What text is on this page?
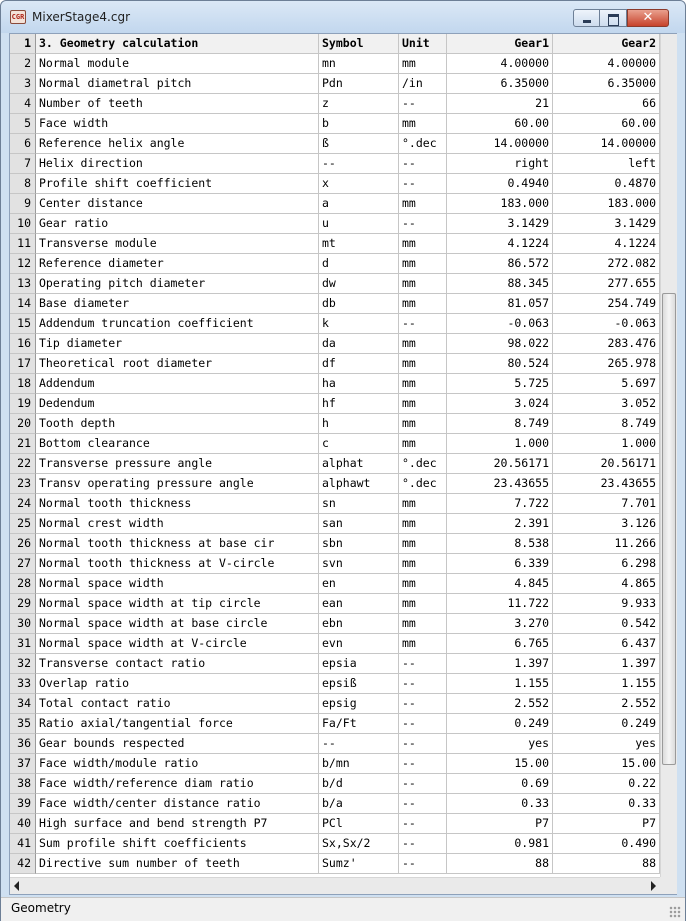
CGR MixerStage4.cgr	✕
1 3. Geometry calculation	Symbol	Unit	Gear1	Gear2
2 Normal module	mn	mm	4.00000	4.00000
3 Normal diametral pitch	Pdn	/in	6.35000	6.35000
4 Number of teeth	z	--	21	66
5 Face width	b	mm	60.00	60.00
6 Reference helix angle	ß	°.dec	14.00000	14.00000
7 Helix direction	--	--	right	left
8 Profile shift coefficient	x	--	0.4940	0.4870
9 Center distance	a	mm	183.000	183.000
10 Gear ratio	u	--	3.1429	3.1429
11 Transverse module	mt	mm	4.1224	4.1224
12 Reference diameter	d	mm	86.572	272.082
13 Operating pitch diameter	dw	mm	88.345	277.655
14 Base diameter	db	mm	81.057	254.749
15 Addendum truncation coefficient	k	--	-0.063	-0.063
16 Tip diameter	da	mm	98.022	283.476
17 Theoretical root diameter	df	mm	80.524	265.978
18 Addendum	ha	mm	5.725	5.697
19 Dedendum	hf	mm	3.024	3.052
20 Tooth depth	h	mm	8.749	8.749
21 Bottom clearance	c	mm	1.000	1.000
22 Transverse pressure angle	alphat	°.dec	20.56171	20.56171
23 Transv operating pressure angle	alphawt	°.dec	23.43655	23.43655
24 Normal tooth thickness	sn	mm	7.722	7.701
25 Normal crest width	san	mm	2.391	3.126
26 Normal tooth thickness at base cir	sbn	mm	8.538	11.266
27 Normal tooth thickness at V-circle	svn	mm	6.339	6.298
28 Normal space width	en	mm	4.845	4.865
29 Normal space width at tip circle	ean	mm	11.722	9.933
30 Normal space width at base circle	ebn	mm	3.270	0.542
31 Normal space width at V-circle	evn	mm	6.765	6.437
32 Transverse contact ratio	epsia	--	1.397	1.397
33 Overlap ratio	epsiß	--	1.155	1.155
34 Total contact ratio	epsig	--	2.552	2.552
35 Ratio axial/tangential force	Fa/Ft	--	0.249	0.249
36 Gear bounds respected	--	--	yes	yes
37 Face width/module ratio	b/mn	--	15.00	15.00
38 Face width/reference diam ratio	b/d	--	0.69	0.22
39 Face width/center distance ratio	b/a	--	0.33	0.33
40 High surface and bend strength P7	PCl	--	P7	P7
41 Sum profile shift coefficients	Sx,Sx/2	--	0.981	0.490
42 Directive sum number of teeth	Sumz'	--	88	88
Geometry
